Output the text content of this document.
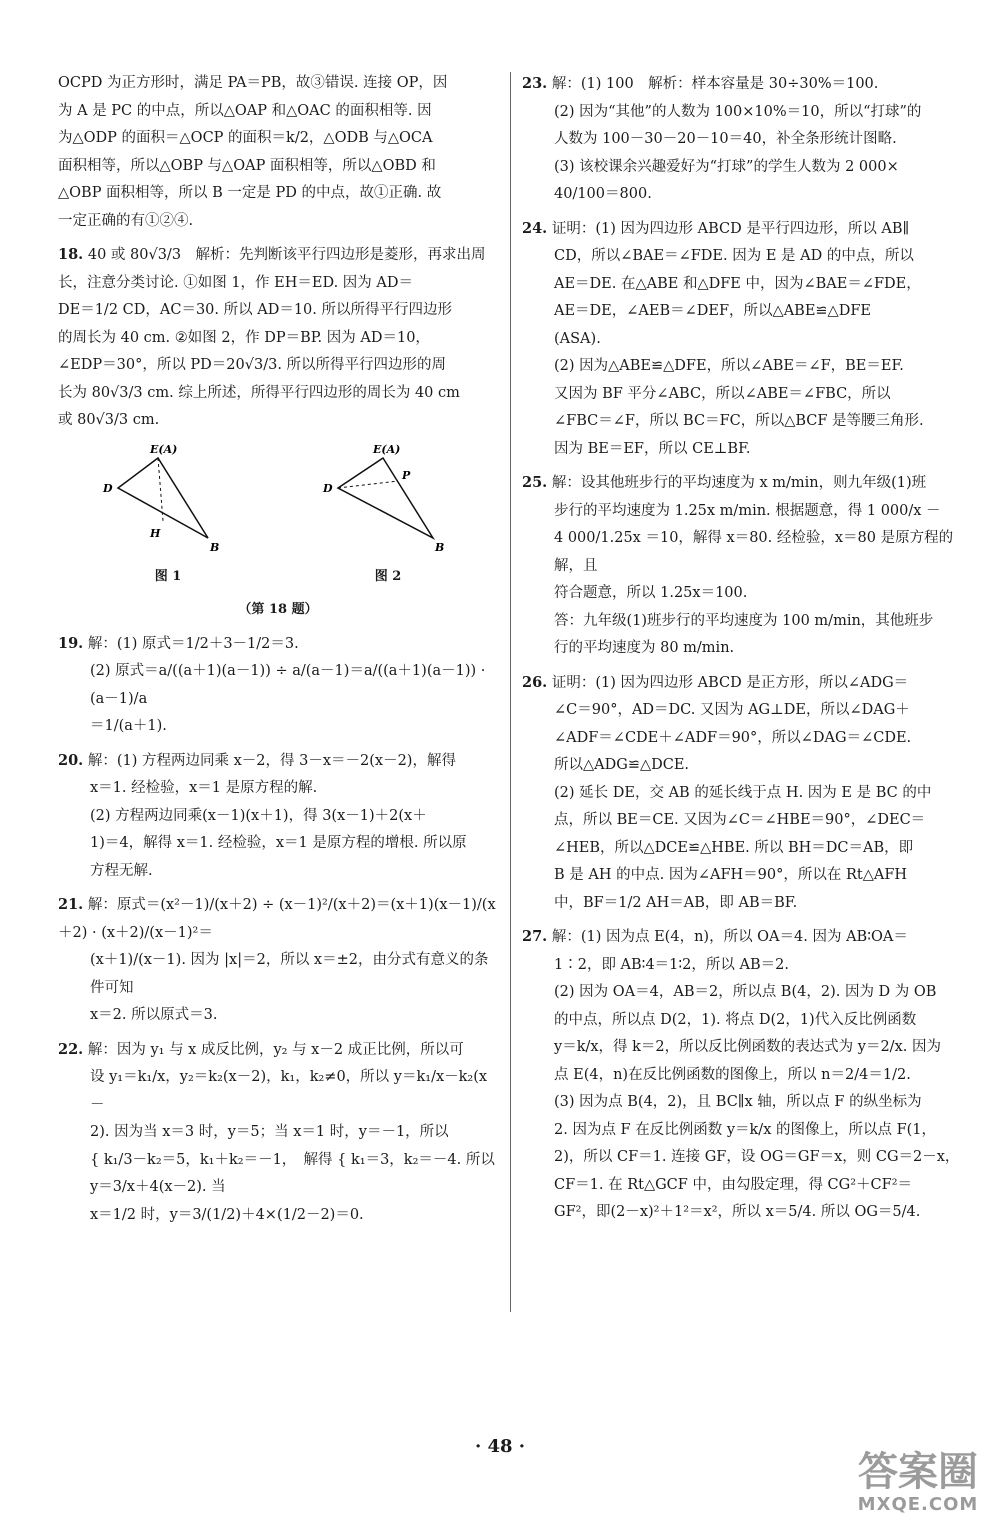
OCPD 为正方形时，满足 PA＝PB，故③错误. 连接 OP，因

为 A 是 PC 的中点，所以△OAP 和△OAC 的面积相等. 因

为△ODP 的面积＝△OCP 的面积＝k/2，△ODB 与△OCA

面积相等，所以△OBP 与△OAP 面积相等，所以△OBD 和

△OBP 面积相等，所以 B 一定是 PD 的中点，故①正确. 故

一定正确的有①②④.

18. 40 或 80√3/3　解析：先判断该平行四边形是菱形，再求出周

长，注意分类讨论. ①如图 1，作 EH＝ED. 因为 AD＝

DE＝1/2 CD，AC＝30. 所以 AD＝10. 所以所得平行四边形

的周长为 40 cm. ②如图 2，作 DP＝BP. 因为 AD＝10，

∠EDP＝30°，所以 PD＝20√3/3. 所以所得平行四边形的周

长为 80√3/3 cm. 综上所述，所得平行四边形的周长为 40 cm

或 80√3/3 cm.

E(A)
D
H
B
图 1
E(A)
D
P
B
图 2
（第 18 题）

19. 解：(1) 原式＝1/2＋3－1/2＝3.

(2) 原式＝a/((a＋1)(a－1)) ÷ a/(a－1)＝a/((a＋1)(a－1)) · (a－1)/a

＝1/(a＋1).

20. 解：(1) 方程两边同乘 x－2，得 3－x＝－2(x－2)，解得

x＝1. 经检验，x＝1 是原方程的解.

(2) 方程两边同乘(x－1)(x＋1)，得 3(x－1)＋2(x＋

1)＝4，解得 x＝1. 经检验，x＝1 是原方程的增根. 所以原

方程无解.

21. 解：原式＝(x²－1)/(x＋2) ÷ (x－1)²/(x＋2)＝(x＋1)(x－1)/(x＋2) · (x＋2)/(x－1)²＝

(x＋1)/(x－1). 因为 |x|＝2，所以 x＝±2，由分式有意义的条件可知

x＝2. 所以原式＝3.

22. 解：因为 y₁ 与 x 成反比例，y₂ 与 x－2 成正比例，所以可

设 y₁＝k₁/x，y₂＝k₂(x－2)，k₁，k₂≠0，所以 y＝k₁/x－k₂(x－

2). 因为当 x＝3 时，y＝5；当 x＝1 时，y＝－1，所以

{ k₁/3－k₂＝5，k₁＋k₂＝－1，　解得 { k₁＝3，k₂＝－4. 所以 y＝3/x＋4(x－2). 当

x＝1/2 时，y＝3/(1/2)＋4×(1/2－2)＝0.

23. 解：(1) 100　解析：样本容量是 30÷30%＝100.

(2) 因为“其他”的人数为 100×10%＝10，所以“打球”的

人数为 100－30－20－10＝40，补全条形统计图略.

(3) 该校课余兴趣爱好为“打球”的学生人数为 2 000×

40/100＝800.

24. 证明：(1) 因为四边形 ABCD 是平行四边形，所以 AB∥

CD，所以∠BAE＝∠FDE. 因为 E 是 AD 的中点，所以

AE＝DE. 在△ABE 和△DFE 中，因为∠BAE＝∠FDE，

AE＝DE，∠AEB＝∠DEF，所以△ABE≌△DFE

(ASA).

(2) 因为△ABE≌△DFE，所以∠ABE＝∠F，BE＝EF.

又因为 BF 平分∠ABC，所以∠ABE＝∠FBC，所以

∠FBC＝∠F，所以 BC＝FC，所以△BCF 是等腰三角形.

因为 BE＝EF，所以 CE⊥BF.

25. 解：设其他班步行的平均速度为 x m/min，则九年级(1)班

步行的平均速度为 1.25x m/min. 根据题意，得 1 000/x －

4 000/1.25x ＝10，解得 x＝80. 经检验，x＝80 是原方程的解，且

符合题意，所以 1.25x＝100.

答：九年级(1)班步行的平均速度为 100 m/min，其他班步

行的平均速度为 80 m/min.

26. 证明：(1) 因为四边形 ABCD 是正方形，所以∠ADG＝

∠C＝90°，AD＝DC. 又因为 AG⊥DE，所以∠DAG＋

∠ADF＝∠CDE＋∠ADF＝90°，所以∠DAG＝∠CDE.

所以△ADG≌△DCE.

(2) 延长 DE，交 AB 的延长线于点 H. 因为 E 是 BC 的中

点，所以 BE＝CE. 又因为∠C＝∠HBE＝90°，∠DEC＝

∠HEB，所以△DCE≌△HBE. 所以 BH＝DC＝AB，即

B 是 AH 的中点. 因为∠AFH＝90°，所以在 Rt△AFH

中，BF＝1/2 AH＝AB，即 AB＝BF.

27. 解：(1) 因为点 E(4，n)，所以 OA＝4. 因为 AB∶OA＝

1∶2，即 AB∶4＝1∶2，所以 AB＝2.

(2) 因为 OA＝4，AB＝2，所以点 B(4，2). 因为 D 为 OB

的中点，所以点 D(2，1). 将点 D(2，1)代入反比例函数

y＝k/x，得 k＝2，所以反比例函数的表达式为 y＝2/x. 因为

点 E(4，n)在反比例函数的图像上，所以 n＝2/4＝1/2.

(3) 因为点 B(4，2)，且 BC∥x 轴，所以点 F 的纵坐标为

2. 因为点 F 在反比例函数 y＝k/x 的图像上，所以点 F(1，

2)，所以 CF＝1. 连接 GF，设 OG＝GF＝x，则 CG＝2－x，

CF＝1. 在 Rt△GCF 中，由勾股定理，得 CG²＋CF²＝

GF²，即(2－x)²＋1²＝x²，所以 x＝5/4. 所以 OG＝5/4.

· 48 ·
答案圈
MXQE.COM
